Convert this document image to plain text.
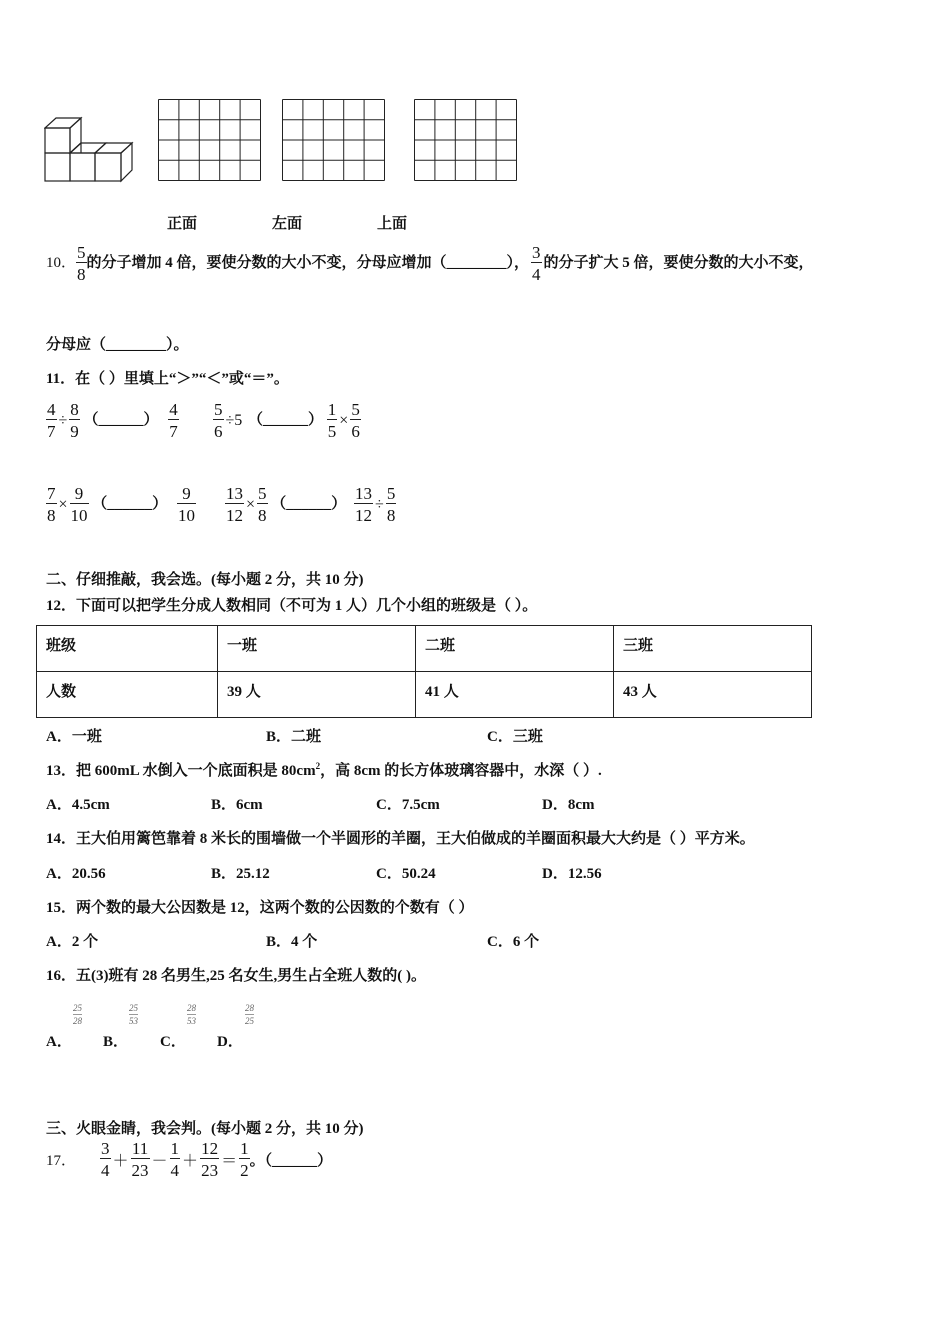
正面	左面	上面
10． $\frac{5}{8}$ 的分子增加 4 倍，要使分数的大小不变，分母应增加（________）， $\frac{3}{4}$ 的分子扩大 5 倍，要使分数的大小不变，
分母应（________）。
11．在（ ）里填上“＞”“＜”或“＝”。
$\frac{4}{7} \div \frac{8}{9}$ （______） $\frac{4}{7} \frac{5}{6} \div 5$ （______） $\frac{1}{5} \times \frac{5}{6}$
$\frac{7}{8} \times \frac{9}{10}$ （______） $\frac{9}{10} \frac{13}{12} \times \frac{5}{8}$ （______） $\frac{13}{12} \div \frac{5}{8}$
二、仔细推敲，我会选。(每小题 2 分，共 10 分)
12．下面可以把学生分成人数相同（不可为 1 人）几个小组的班级是（ ）。
班级	一班	二班	三班
人数	39 人	41 人	43 人
A．一班	B．二班	C．三班
13．把 600mL 水倒入一个底面积是 $80cm^2$，高 8cm 的长方体玻璃容器中，水深（ ）.
A．4.5cm	B．6cm	C．7.5cm	D．8cm
14．王大伯用篱笆靠着 8 米长的围墙做一个半圆形的羊圈，王大伯做成的羊圈面积最大大约是（ ）平方米。
A．20.56	B．25.12	C．50.24	D．12.56
15．两个数的最大公因数是 12，这两个数的公因数的个数有（ ）
A．2 个	B．4 个	C．6 个
16．五(3)班有 28 名男生,25 名女生,男生占全班人数的( )。
A．
25
28
B．
25
53
C．
28
53
D．
28
25
三、火眼金睛，我会判。(每小题 2 分，共 10 分)
17． $\frac{3}{4} + \frac{11}{23} - \frac{1}{4} + \frac{12}{23} = \frac{1}{2}$ 。（______）
